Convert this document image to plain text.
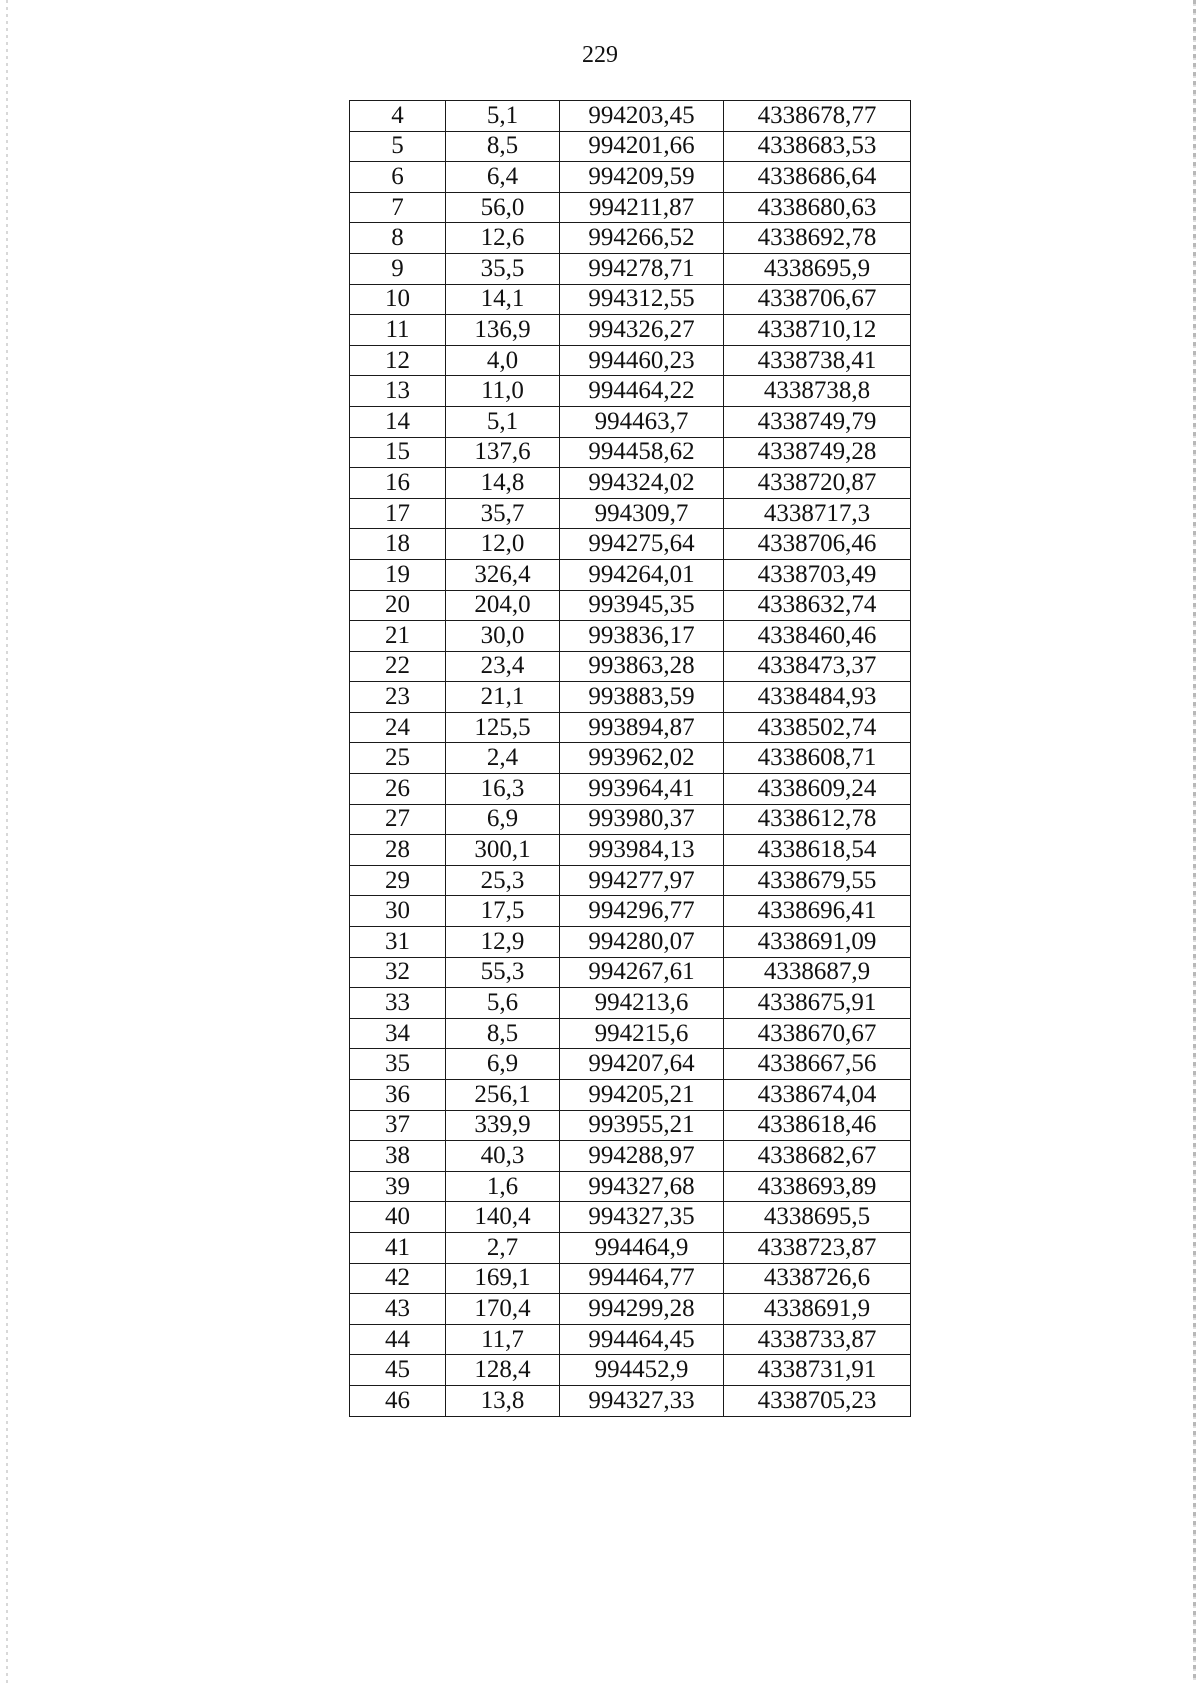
229
4	5,1	994203,45	4338678,77
5	8,5	994201,66	4338683,53
6	6,4	994209,59	4338686,64
7	56,0	994211,87	4338680,63
8	12,6	994266,52	4338692,78
9	35,5	994278,71	4338695,9
10	14,1	994312,55	4338706,67
11	136,9	994326,27	4338710,12
12	4,0	994460,23	4338738,41
13	11,0	994464,22	4338738,8
14	5,1	994463,7	4338749,79
15	137,6	994458,62	4338749,28
16	14,8	994324,02	4338720,87
17	35,7	994309,7	4338717,3
18	12,0	994275,64	4338706,46
19	326,4	994264,01	4338703,49
20	204,0	993945,35	4338632,74
21	30,0	993836,17	4338460,46
22	23,4	993863,28	4338473,37
23	21,1	993883,59	4338484,93
24	125,5	993894,87	4338502,74
25	2,4	993962,02	4338608,71
26	16,3	993964,41	4338609,24
27	6,9	993980,37	4338612,78
28	300,1	993984,13	4338618,54
29	25,3	994277,97	4338679,55
30	17,5	994296,77	4338696,41
31	12,9	994280,07	4338691,09
32	55,3	994267,61	4338687,9
33	5,6	994213,6	4338675,91
34	8,5	994215,6	4338670,67
35	6,9	994207,64	4338667,56
36	256,1	994205,21	4338674,04
37	339,9	993955,21	4338618,46
38	40,3	994288,97	4338682,67
39	1,6	994327,68	4338693,89
40	140,4	994327,35	4338695,5
41	2,7	994464,9	4338723,87
42	169,1	994464,77	4338726,6
43	170,4	994299,28	4338691,9
44	11,7	994464,45	4338733,87
45	128,4	994452,9	4338731,91
46	13,8	994327,33	4338705,23
